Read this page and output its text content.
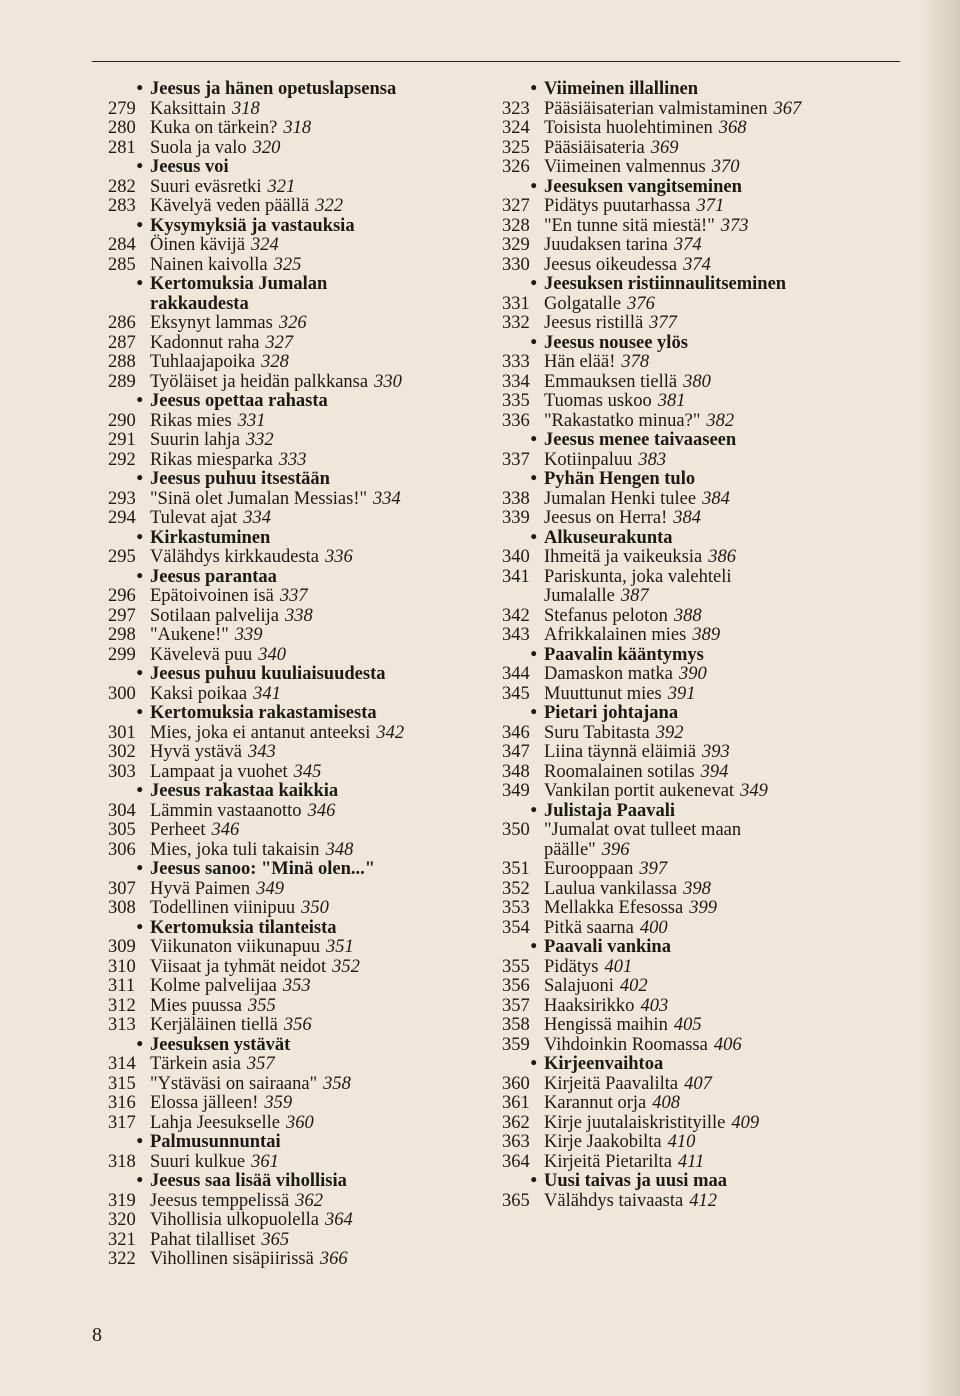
• Jeesus ja hänen opetuslapsensa
279 Kaksittain 318
280 Kuka on tärkein? 318
281 Suola ja valo 320
• Jeesus voi
282 Suuri eväsretki 321
283 Kävelyä veden päällä 322
• Kysymyksiä ja vastauksia
284 Öinen kävijä 324
285 Nainen kaivolla 325
• Kertomuksia Jumalan
rakkaudesta
286 Eksynyt lammas 326
287 Kadonnut raha 327
288 Tuhlaajapoika 328
289 Työläiset ja heidän palkkansa 330
• Jeesus opettaa rahasta
290 Rikas mies 331
291 Suurin lahja 332
292 Rikas miesparka 333
• Jeesus puhuu itsestään
293 "Sinä olet Jumalan Messias!" 334
294 Tulevat ajat 334
• Kirkastuminen
295 Välähdys kirkkaudesta 336
• Jeesus parantaa
296 Epätoivoinen isä 337
297 Sotilaan palvelija 338
298 "Aukene!" 339
299 Kävelevä puu 340
• Jeesus puhuu kuuliaisuudesta
300 Kaksi poikaa 341
• Kertomuksia rakastamisesta
301 Mies, joka ei antanut anteeksi 342
302 Hyvä ystävä 343
303 Lampaat ja vuohet 345
• Jeesus rakastaa kaikkia
304 Lämmin vastaanotto 346
305 Perheet 346
306 Mies, joka tuli takaisin 348
• Jeesus sanoo: "Minä olen..."
307 Hyvä Paimen 349
308 Todellinen viinipuu 350
• Kertomuksia tilanteista
309 Viikunaton viikunapuu 351
310 Viisaat ja tyhmät neidot 352
311 Kolme palvelijaa 353
312 Mies puussa 355
313 Kerjäläinen tiellä 356
• Jeesuksen ystävät
314 Tärkein asia 357
315 "Ystäväsi on sairaana" 358
316 Elossa jälleen! 359
317 Lahja Jeesukselle 360
• Palmusunnuntai
318 Suuri kulkue 361
• Jeesus saa lisää vihollisia
319 Jeesus temppelissä 362
320 Vihollisia ulkopuolella 364
321 Pahat tilalliset 365
322 Vihollinen sisäpiirissä 366
• Viimeinen illallinen
323 Pääsiäisaterian valmistaminen 367
324 Toisista huolehtiminen 368
325 Pääsiäisateria 369
326 Viimeinen valmennus 370
• Jeesuksen vangitseminen
327 Pidätys puutarhassa 371
328 "En tunne sitä miestä!" 373
329 Juudaksen tarina 374
330 Jeesus oikeudessa 374
• Jeesuksen ristiinnaulitseminen
331 Golgatalle 376
332 Jeesus ristillä 377
• Jeesus nousee ylös
333 Hän elää! 378
334 Emmauksen tiellä 380
335 Tuomas uskoo 381
336 "Rakastatko minua?" 382
• Jeesus menee taivaaseen
337 Kotiinpaluu 383
• Pyhän Hengen tulo
338 Jumalan Henki tulee 384
339 Jeesus on Herra! 384
• Alkuseurakunta
340 Ihmeitä ja vaikeuksia 386
341 Pariskunta, joka valehteli
Jumalalle 387
342 Stefanus peloton 388
343 Afrikkalainen mies 389
• Paavalin kääntymys
344 Damaskon matka 390
345 Muuttunut mies 391
• Pietari johtajana
346 Suru Tabitasta 392
347 Liina täynnä eläimiä 393
348 Roomalainen sotilas 394
349 Vankilan portit aukenevat 349
• Julistaja Paavali
350 "Jumalat ovat tulleet maan
päälle" 396
351 Eurooppaan 397
352 Laulua vankilassa 398
353 Mellakka Efesossa 399
354 Pitkä saarna 400
• Paavali vankina
355 Pidätys 401
356 Salajuoni 402
357 Haaksirikko 403
358 Hengissä maihin 405
359 Vihdoinkin Roomassa 406
• Kirjeenvaihtoa
360 Kirjeitä Paavalilta 407
361 Karannut orja 408
362 Kirje juutalaiskristityille 409
363 Kirje Jaakobilta 410
364 Kirjeitä Pietarilta 411
• Uusi taivas ja uusi maa
365 Välähdys taivaasta 412
8
